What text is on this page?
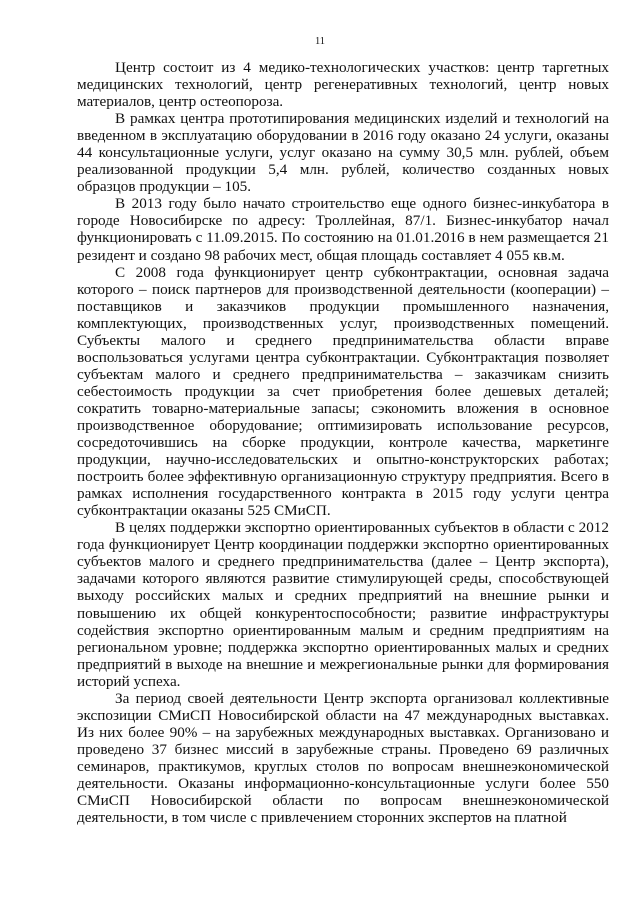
11

Центр состоит из 4 медико-технологических участков: центр таргетных медицинских технологий, центр регенеративных технологий, центр новых материалов, центр остеопороза.

В рамках центра прототипирования медицинских изделий и технологий на введенном в эксплуатацию оборудовании в 2016 году оказано 24 услуги, оказаны 44 консультационные услуги, услуг оказано на сумму 30,5 млн. рублей, объем реализованной продукции 5,4 млн. рублей, количество созданных новых образцов продукции – 105.

В 2013 году было начато строительство еще одного бизнес-инкубатора в городе Новосибирске по адресу: Троллейная, 87/1. Бизнес-инкубатор начал функционировать с 11.09.2015. По состоянию на 01.01.2016 в нем размещается 21 резидент и создано 98 рабочих мест, общая площадь составляет 4 055 кв.м.

С 2008 года функционирует центр субконтрактации, основная задача которого – поиск партнеров для производственной деятельности (кооперации) – поставщиков и заказчиков продукции промышленного назначения, комплектующих, производственных услуг, производственных помещений. Субъекты малого и среднего предпринимательства области вправе воспользоваться услугами центра субконтрактации. Субконтрактация позволяет субъектам малого и среднего предпринимательства – заказчикам снизить себестоимость продукции за счет приобретения более дешевых деталей; сократить товарно-материальные запасы; сэкономить вложения в основное производственное оборудование; оптимизировать использование ресурсов, сосредоточившись на сборке продукции, контроле качества, маркетинге продукции, научно-исследовательских и опытно-конструкторских работах; построить более эффективную организационную структуру предприятия. Всего в рамках исполнения государственного контракта в 2015 году услуги центра субконтрактации оказаны 525 СМиСП.

В целях поддержки экспортно ориентированных субъектов в области с 2012 года функционирует Центр координации поддержки экспортно ориентированных субъектов малого и среднего предпринимательства (далее – Центр экспорта), задачами которого являются развитие стимулирующей среды, способствующей выходу российских малых и средних предприятий на внешние рынки и повышению их общей конкурентоспособности; развитие инфраструктуры содействия экспортно ориентированным малым и средним предприятиям на региональном уровне; поддержка экспортно ориентированных малых и средних предприятий в выходе на внешние и межрегиональные рынки для формирования историй успеха.

За период своей деятельности Центр экспорта организовал коллективные экспозиции СМиСП Новосибирской области на 47 международных выставках. Из них более 90% – на зарубежных международных выставках. Организовано и проведено 37 бизнес миссий в зарубежные страны. Проведено 69 различных семинаров, практикумов, круглых столов по вопросам внешнеэкономической деятельности. Оказаны информационно-консультационные услуги более 550 СМиСП Новосибирской области по вопросам внешнеэкономической деятельности, в том числе с привлечением сторонних экспертов на платной
